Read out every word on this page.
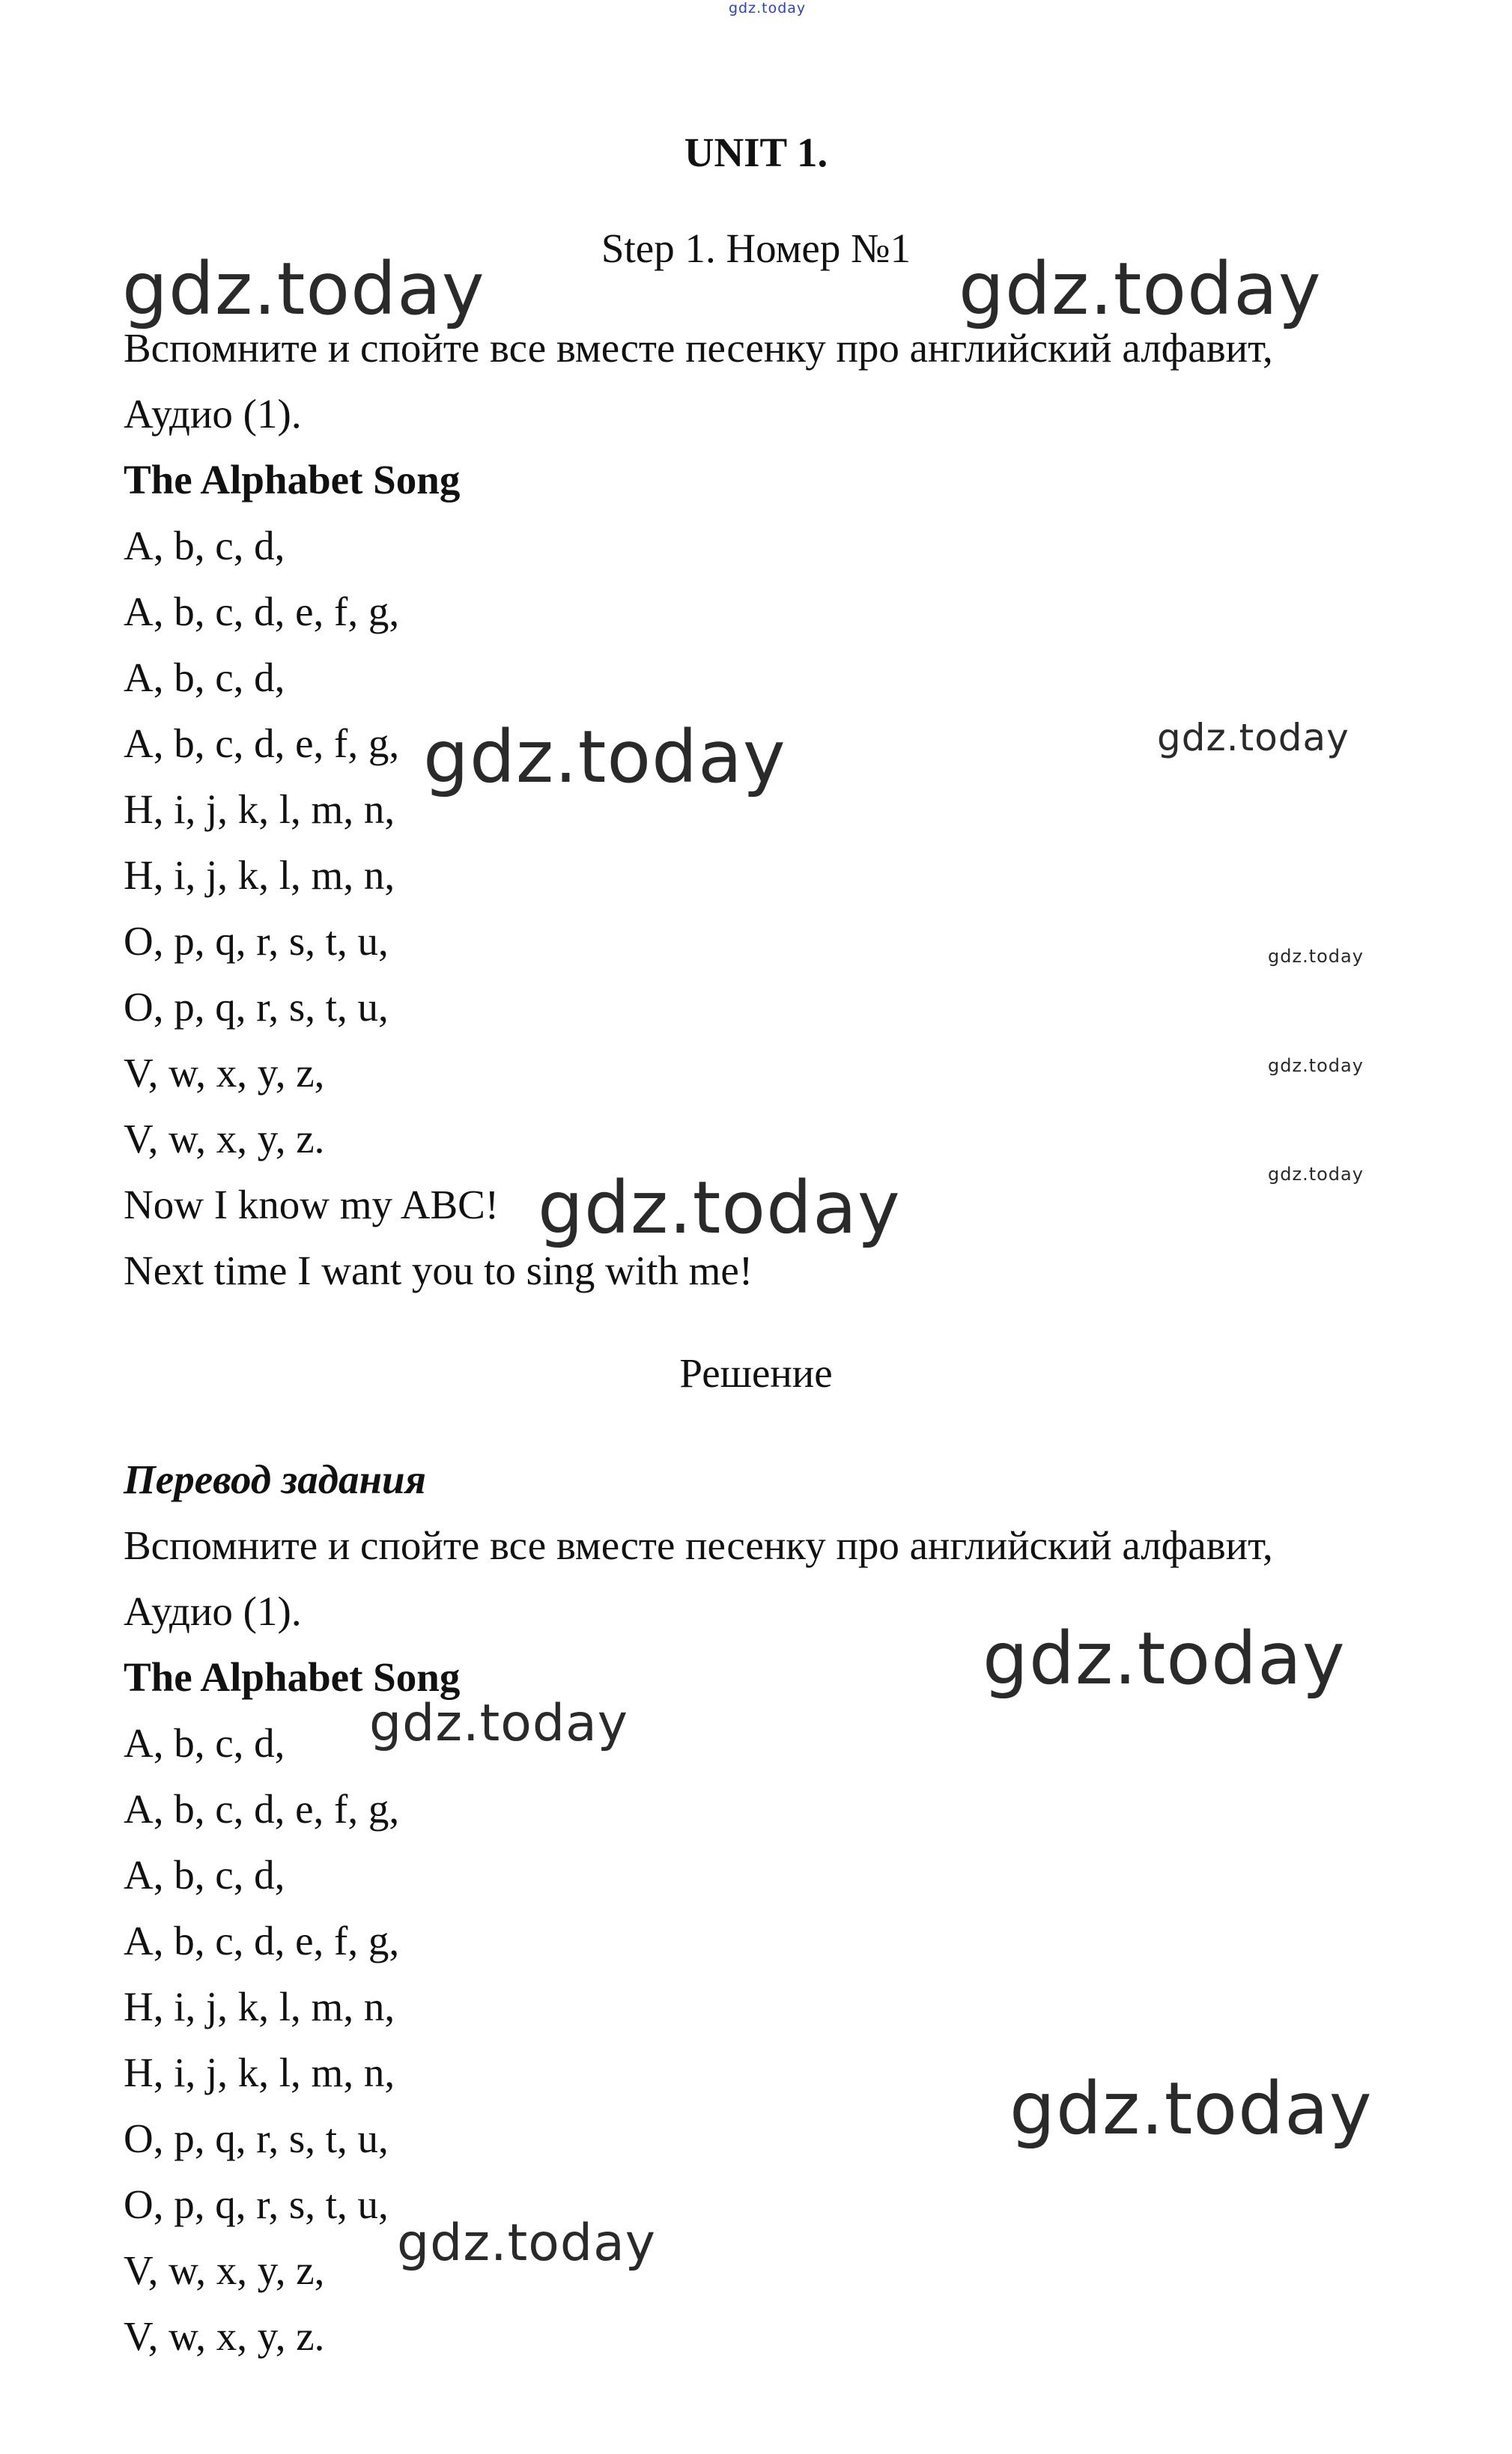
gdz.today
UNIT 1.
Step 1. Номер №1
Вспомните и спойте все вместе песенку про английский алфавит,
Аудио (1).
The Alphabet Song
A, b, c, d,
A, b, c, d, e, f, g,
A, b, c, d,
A, b, c, d, e, f, g,
H, i, j, k, l, m, n,
H, i, j, k, l, m, n,
O, p, q, r, s, t, u,
O, p, q, r, s, t, u,
V, w, x, y, z,
V, w, x, y, z.
Now I know my ABC!
Next time I want you to sing with me!
Решение
Перевод задания
Вспомните и спойте все вместе песенку про английский алфавит,
Аудио (1).
The Alphabet Song
A, b, c, d,
A, b, c, d, e, f, g,
A, b, c, d,
A, b, c, d, e, f, g,
H, i, j, k, l, m, n,
H, i, j, k, l, m, n,
O, p, q, r, s, t, u,
O, p, q, r, s, t, u,
V, w, x, y, z,
V, w, x, y, z.
gdz.today	gdz.today
gdz.today	gdz.today
gdz.today
gdz.today
gdz.today
gdz.today
gdz.today
gdz.today
gdz.today
gdz.today
